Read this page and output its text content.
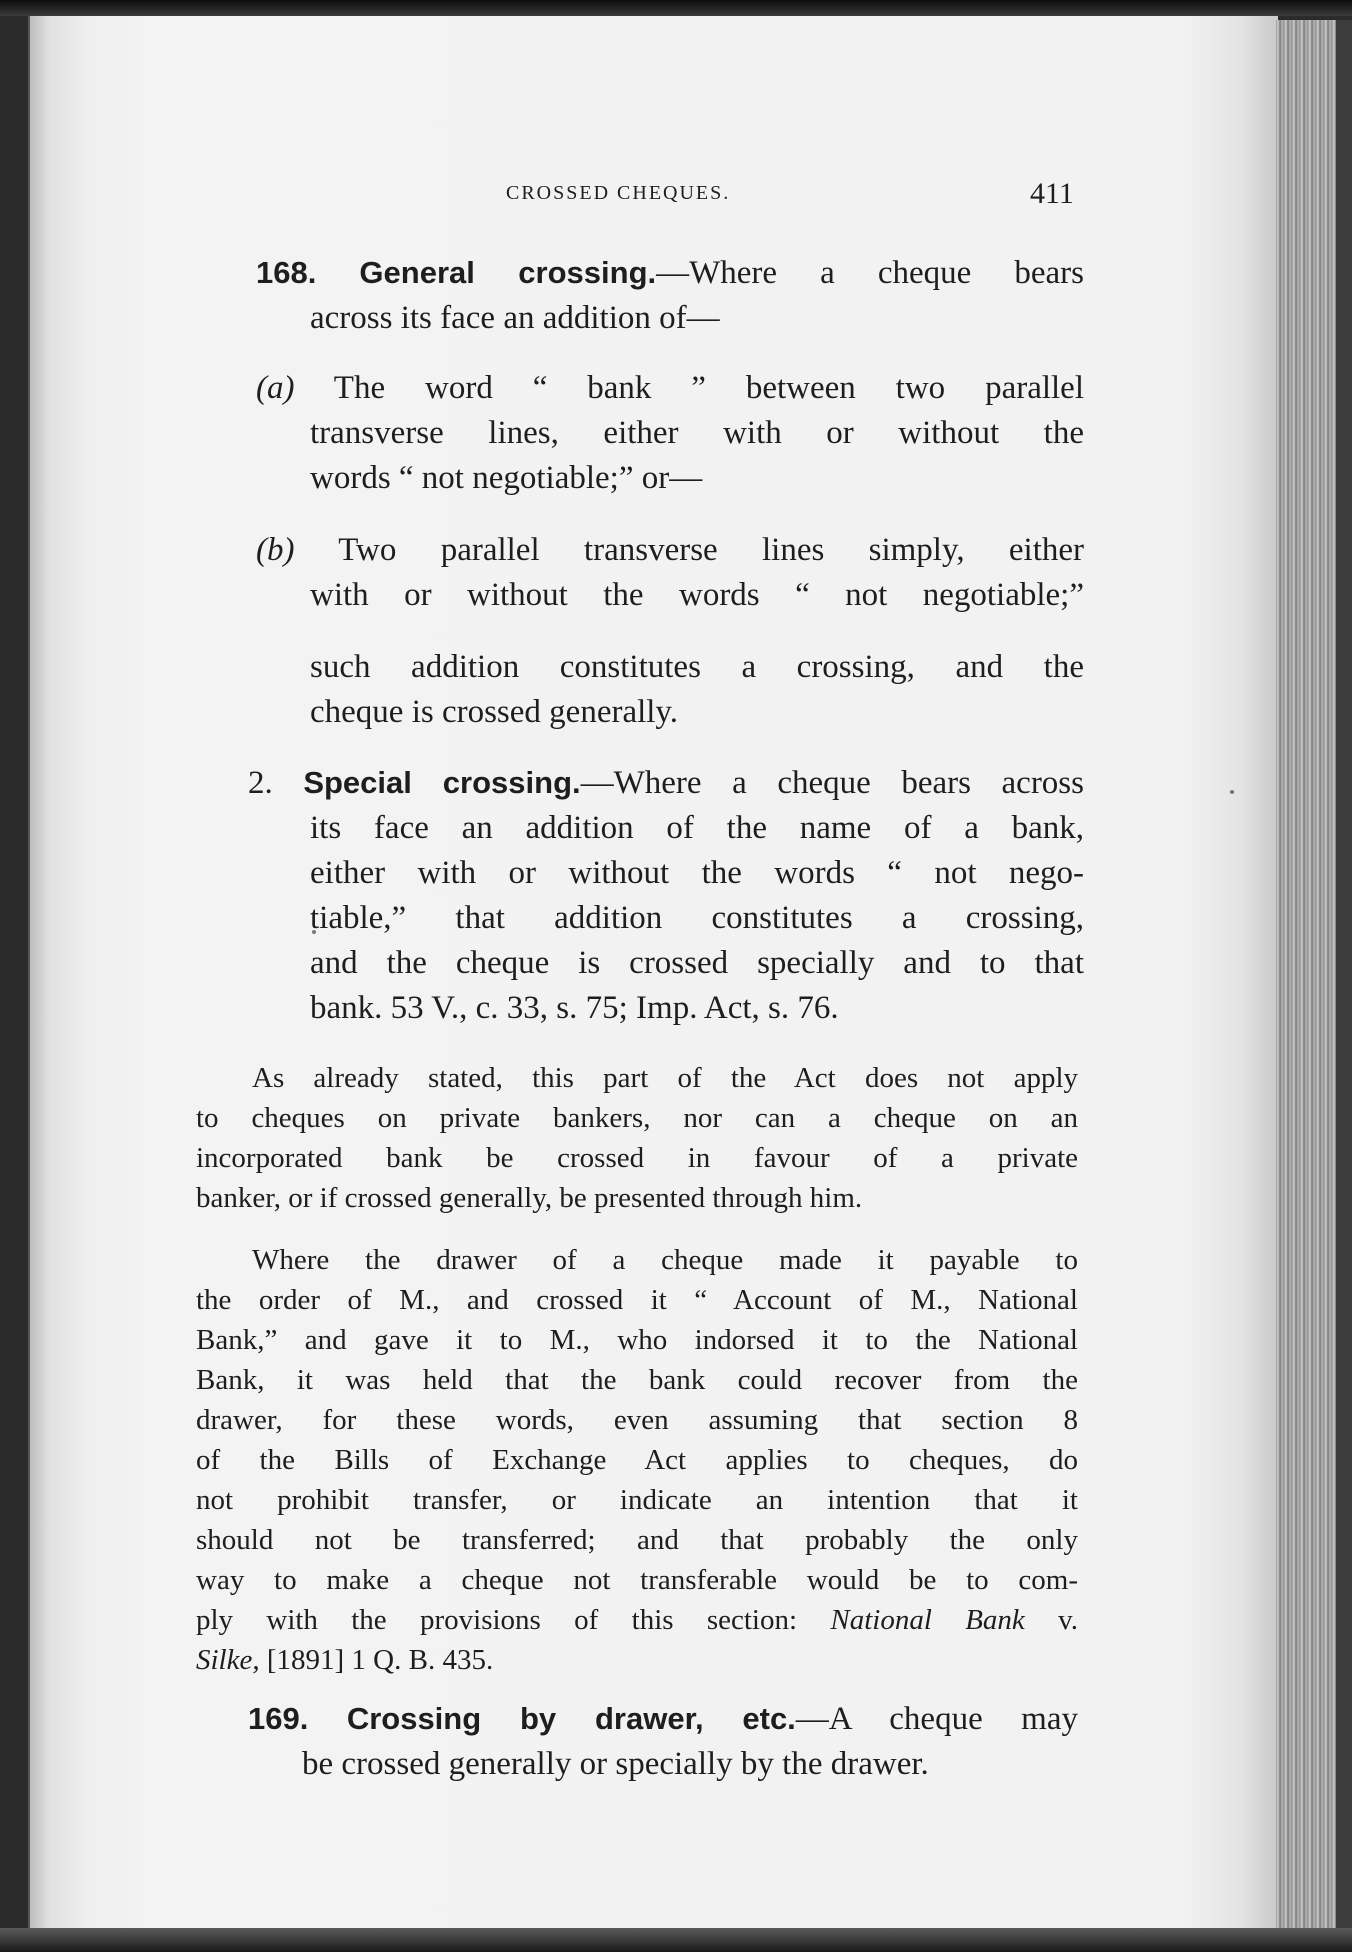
CROSSED CHEQUES.	411
168. General crossing.—Where a cheque bears
across its face an addition of—
(a) The word “ bank ” between two parallel
transverse lines, either with or without the
words “ not negotiable;” or—
(b) Two parallel transverse lines simply, either
with or without the words “ not negotiable;”
such addition constitutes a crossing, and the
cheque is crossed generally.
2. Special crossing.—Where a cheque bears across
its face an addition of the name of a bank,
either with or without the words “ not nego-
tiable,” that addition constitutes a crossing,
and the cheque is crossed specially and to that
bank. 53 V., c. 33, s. 75; Imp. Act, s. 76.
As already stated, this part of the Act does not apply
to cheques on private bankers, nor can a cheque on an
incorporated bank be crossed in favour of a private
banker, or if crossed generally, be presented through him.
Where the drawer of a cheque made it payable to
the order of M., and crossed it “ Account of M., National
Bank,” and gave it to M., who indorsed it to the National
Bank, it was held that the bank could recover from the
drawer, for these words, even assuming that section 8
of the Bills of Exchange Act applies to cheques, do
not prohibit transfer, or indicate an intention that it
should not be transferred; and that probably the only
way to make a cheque not transferable would be to com-
ply with the provisions of this section: National Bank v.
Silke, [1891] 1 Q. B. 435.
169. Crossing by drawer, etc.—A cheque may
be crossed generally or specially by the drawer.
